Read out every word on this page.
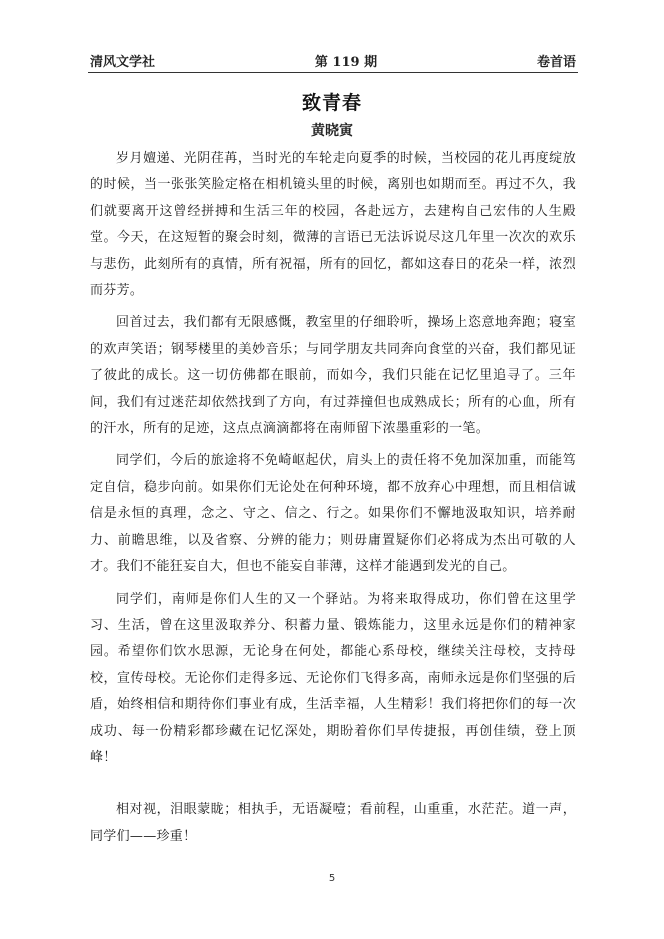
清风文学社	第 119 期	卷首语
致青春
黄晓寅

岁月嬗递、光阴荏苒，当时光的车轮走向夏季的时候，当校园的花儿再度绽放的时候，当一张张笑脸定格在相机镜头里的时候，离别也如期而至。再过不久，我们就要离开这曾经拼搏和生活三年的校园，各赴远方，去建构自己宏伟的人生殿堂。今天，在这短暂的聚会时刻，微薄的言语已无法诉说尽这几年里一次次的欢乐与悲伤，此刻所有的真情，所有祝福，所有的回忆，都如这春日的花朵一样，浓烈而芬芳。

回首过去，我们都有无限感慨，教室里的仔细聆听，操场上恣意地奔跑；寝室的欢声笑语；钢琴楼里的美妙音乐；与同学朋友共同奔向食堂的兴奋，我们都见证了彼此的成长。这一切仿佛都在眼前，而如今，我们只能在记忆里追寻了。三年间，我们有过迷茫却依然找到了方向，有过莽撞但也成熟成长；所有的心血，所有的汗水，所有的足迹，这点点滴滴都将在南师留下浓墨重彩的一笔。

同学们，今后的旅途将不免崎岖起伏，肩头上的责任将不免加深加重，而能笃定自信，稳步向前。如果你们无论处在何种环境，都不放弃心中理想，而且相信诚信是永恒的真理，念之、守之、信之、行之。如果你们不懈地汲取知识，培养耐力、前瞻思维，以及省察、分辨的能力；则毋庸置疑你们必将成为杰出可敬的人才。我们不能狂妄自大，但也不能妄自菲薄，这样才能遇到发光的自己。

同学们，南师是你们人生的又一个驿站。为将来取得成功，你们曾在这里学习、生活，曾在这里汲取养分、积蓄力量、锻炼能力，这里永远是你们的精神家园。希望你们饮水思源，无论身在何处，都能心系母校，继续关注母校，支持母校，宣传母校。无论你们走得多远、无论你们飞得多高，南师永远是你们坚强的后盾，始终相信和期待你们事业有成，生活幸福，人生精彩！我们将把你们的每一次成功、每一份精彩都珍藏在记忆深处，期盼着你们早传捷报，再创佳绩，登上顶峰！

相对视，泪眼蒙眬；相执手，无语凝噎；看前程，山重重，水茫茫。道一声，同学们——珍重！

5
